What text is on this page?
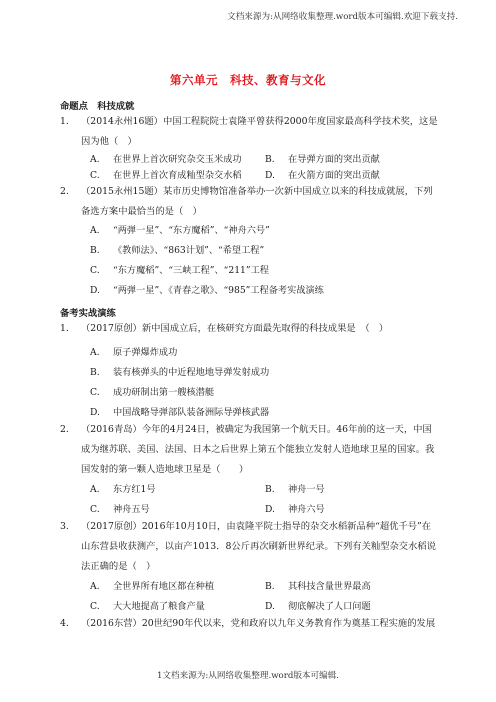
文档来源为:从网络收集整理.word版本可编辑.欢迎下载支持.
第六单元　科技、教育与文化
命题点　科技成就
1.	（2014永州16题）中国工程院院士袁隆平曾获得2000年度国家最高科学技术奖，这是因为他（　）
A. 在世界上首次研究杂交玉米成功	B. 在导弹方面的突出贡献
C. 在世界上首次育成籼型杂交水稻	D. 在火箭方面的突出贡献
2.	（2015永州15题）某市历史博物馆准备举办一次新中国成立以来的科技成就展，下列备选方案中最恰当的是（　）
A. “两弹一星”、“东方魔稻”、“神舟六号”
B. 《教师法》、“863计划”、“希望工程”
C. “东方魔稻”、“三峡工程”、“211”工程
D. “两弹一星”、《青春之歌》、“985”工程备考实战演练
备考实战演练
1.	（2017原创）新中国成立后，在核研究方面最先取得的科技成果是　（　）
A. 原子弹爆炸成功
B. 装有核弹头的中近程地地导弹发射成功
C. 成功研制出第一艘核潜艇
D. 中国战略导弹部队装备洲际导弹核武器
2.	（2016青岛）今年的4月24日，被确定为我国第一个航天日。46年前的这一天，中国成为继苏联、美国、法国、日本之后世界上第五个能独立发射人造地球卫星的国家。我国发射的第一颗人造地球卫星是（　　）
A. 东方红1号	B. 神舟一号
C. 神舟五号	D. 神舟六号
3.	（2017原创）2016年10月10日，由袁隆平院士指导的杂交水稻新品种“超优千号”在山东营县收获测产，以亩产1013．8公斤再次刷新世界纪录。下列有关籼型杂交水稻说法正确的是（　）
A. 全世界所有地区都在种植	B. 其科技含量世界最高
C. 大大地提高了粮食产量	D. 彻底解决了人口问题
4.	（2016东营）20世纪90年代以来，党和政府以九年义务教育作为奠基工程实施的发展
1文档来源为:从网络收集整理.word版本可编辑.
